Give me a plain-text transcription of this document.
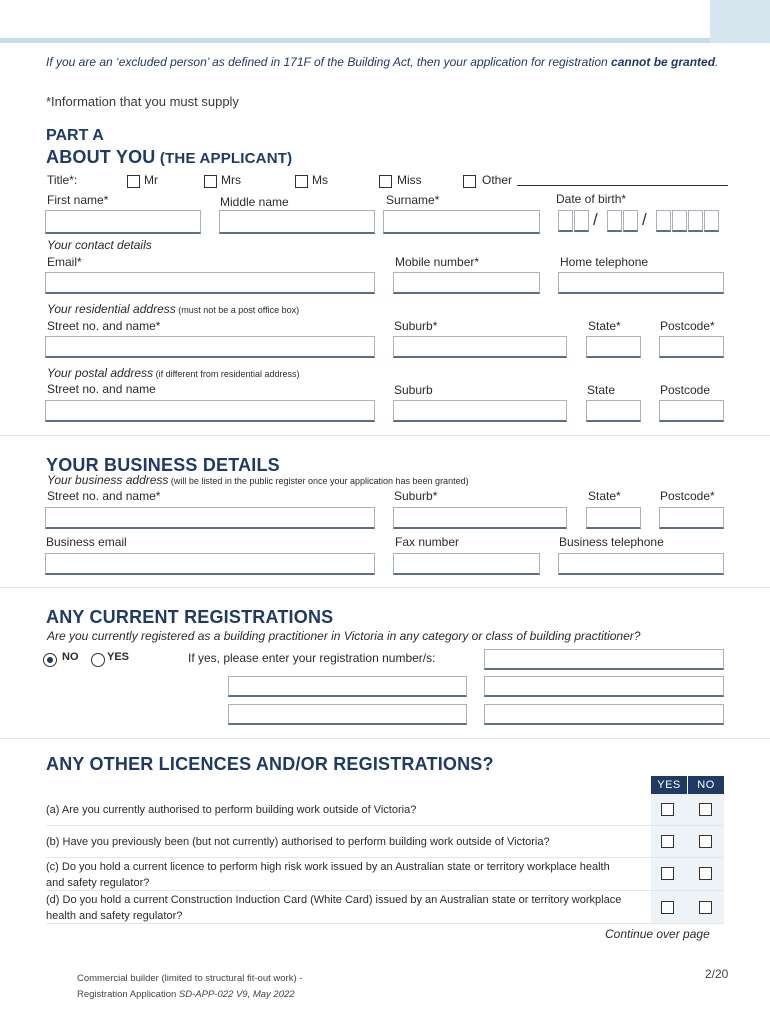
If you are an ‘excluded person’ as defined in 171F of the Building Act, then your application for registration cannot be granted.
*Information that you must supply
PART A
ABOUT YOU (THE APPLICANT)
Title*:	Mr	Mrs	Ms	Miss	Other
First name*	Middle name	Surname*	Date of birth*
/	/
Your contact details
Email*	Mobile number*	Home telephone
Your residential address (must not be a post office box)
Street no. and name*	Suburb*	State*	Postcode*
Your postal address (if different from residential address)
Street no. and name	Suburb	State	Postcode
YOUR BUSINESS DETAILS
Your business address (will be listed in the public register once your application has been granted)
Street no. and name*	Suburb*	State*	Postcode*
Business email	Fax number	Business telephone
ANY CURRENT REGISTRATIONS
Are you currently registered as a building practitioner in Victoria in any category or class of building practitioner?
NO	YES	If yes, please enter your registration number/s:
ANY OTHER LICENCES AND/OR REGISTRATIONS?
YES	NO
(a) Are you currently authorised to perform building work outside of Victoria?
(b) Have you previously been (but not currently) authorised to perform building work outside of Victoria?
(c) Do you hold a current licence to perform high risk work issued by an Australian state or territory workplace health and safety regulator?
(d) Do you hold a current Construction Induction Card (White Card) issued by an Australian state or territory workplace health and safety regulator?
Continue over page
Commercial builder (limited to structural fit-out work) -
Registration Application SD-APP-022 V9, May 2022
2/20
